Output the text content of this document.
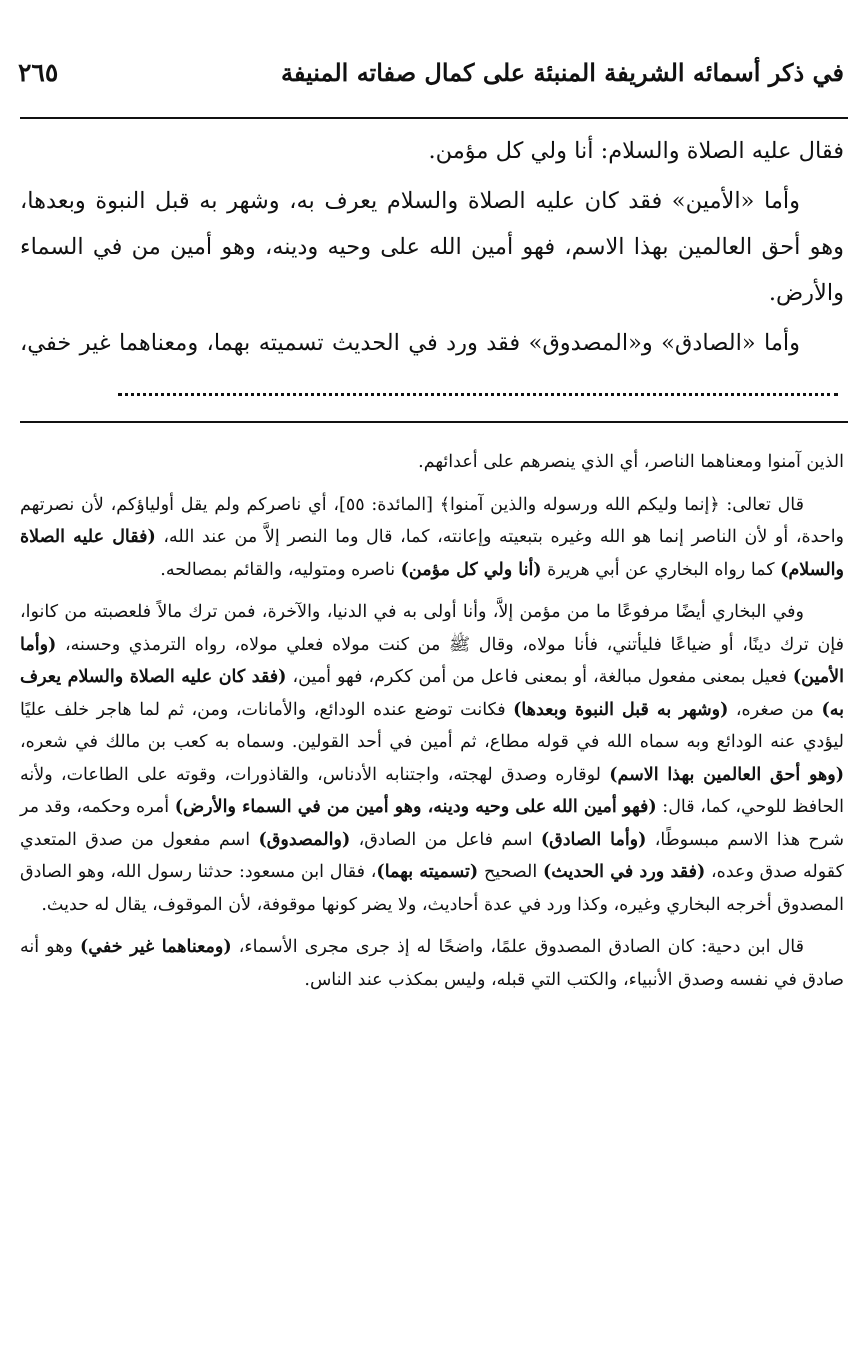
في ذكر أسمائه الشريفة المنبئة على كمال صفاته المنيفة
٢٦٥

فقال عليه الصلاة والسلام: أنا ولي كل مؤمن.

وأما «الأمين» فقد كان عليه الصلاة والسلام يعرف به، وشهر به قبل النبوة وبعدها، وهو أحق العالمين بهذا الاسم، فهو أمين الله على وحيه ودينه، وهو أمين من في السماء والأرض.

وأما «الصادق» و«المصدوق» فقد ورد في الحديث تسميته بهما، ومعناهما غير خفي،

الذين آمنوا ومعناهما الناصر، أي الذي ينصرهم على أعدائهم.

قال تعالى: ﴿إنما وليكم الله ورسوله والذين آمنوا﴾ [المائدة: ٥٥]، أي ناصركم ولم يقل أولياؤكم، لأن نصرتهم واحدة، أو لأن الناصر إنما هو الله وغيره بتبعيته وإعانته، كما، قال وما النصر إلاَّ من عند الله، (فقال عليه الصلاة والسلام) كما رواه البخاري عن أبي هريرة (أنا ولي كل مؤمن) ناصره ومتوليه، والقائم بمصالحه.

وفي البخاري أيضًا مرفوعًا ما من مؤمن إلاَّ، وأنا أولى به في الدنيا، والآخرة، فمن ترك مالاً فلعصبته من كانوا، فإن ترك دينًا، أو ضياعًا فليأتني، فأنا مولاه، وقال ﷺ من كنت مولاه فعلي مولاه، رواه الترمذي وحسنه، (وأما الأمين) فعيل بمعنى مفعول مبالغة، أو بمعنى فاعل من أمن ككرم، فهو أمين، (فقد كان عليه الصلاة والسلام يعرف به) من صغره، (وشهر به قبل النبوة وبعدها) فكانت توضع عنده الودائع، والأمانات، ومن، ثم لما هاجر خلف عليًا ليؤدي عنه الودائع وبه سماه الله في قوله مطاع، ثم أمين في أحد القولين. وسماه به كعب بن مالك في شعره، (وهو أحق العالمين بهذا الاسم) لوقاره وصدق لهجته، واجتنابه الأدناس، والقاذورات، وقوته على الطاعات، ولأنه الحافظ للوحي، كما، قال: (فهو أمين الله على وحيه ودينه، وهو أمين من في السماء والأرض) أمره وحكمه، وقد مر شرح هذا الاسم مبسوطًا، (وأما الصادق) اسم فاعل من الصادق، (والمصدوق) اسم مفعول من صدق المتعدي كقوله صدق وعده، (فقد ورد في الحديث) الصحيح (تسميته بهما)، فقال ابن مسعود: حدثنا رسول الله، وهو الصادق المصدوق أخرجه البخاري وغيره، وكذا ورد في عدة أحاديث، ولا يضر كونها موقوفة، لأن الموقوف، يقال له حديث.

قال ابن دحية: كان الصادق المصدوق علمًا، واضحًا له إذ جرى مجرى الأسماء، (ومعناهما غير خفي) وهو أنه صادق في نفسه وصدق الأنبياء، والكتب التي قبله، وليس بمكذب عند الناس.
